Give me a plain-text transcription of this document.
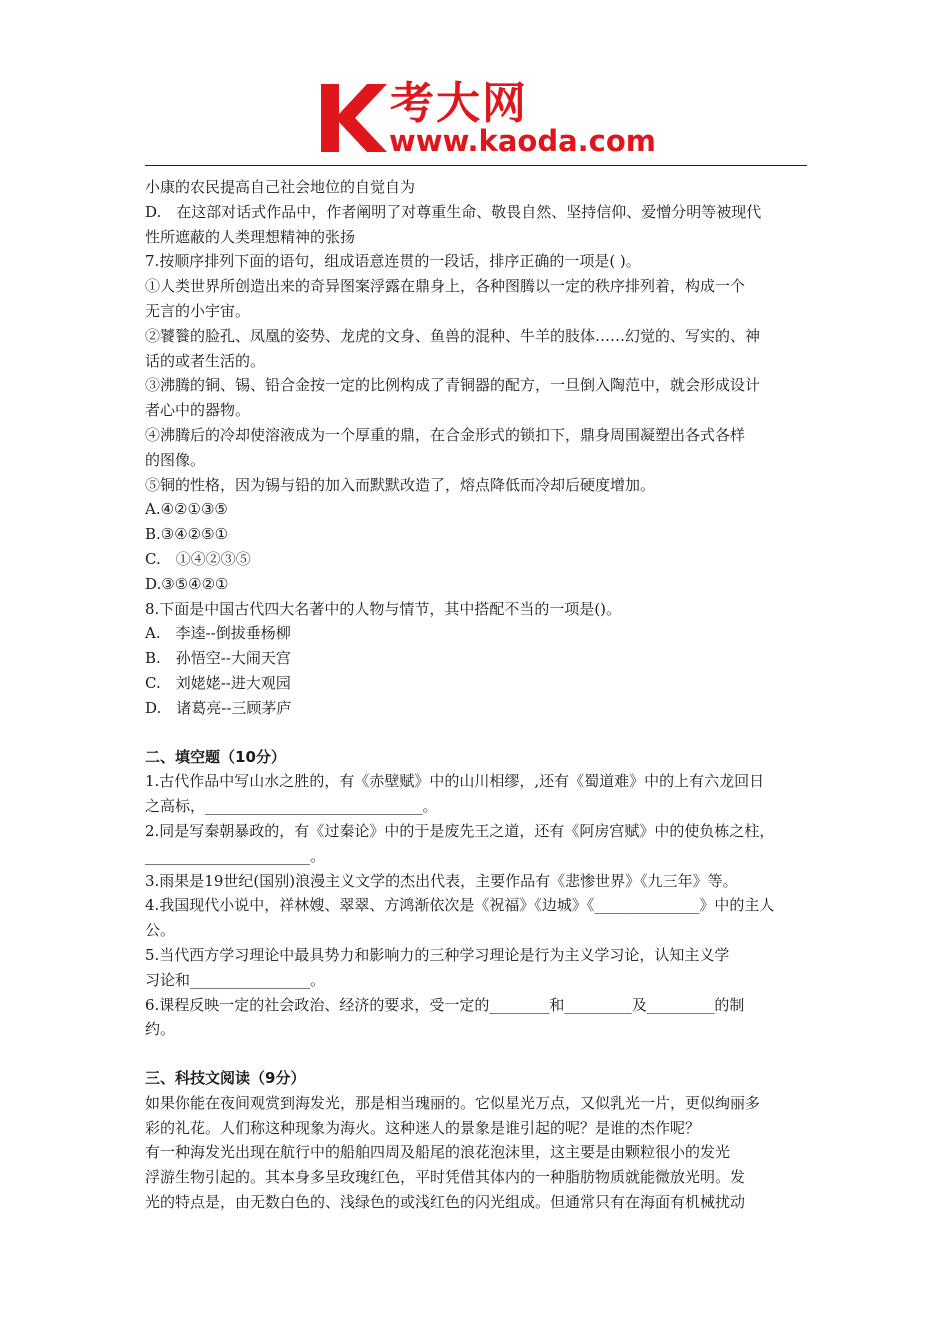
考大网
www.kaoda.com

小康的农民提高自己社会地位的自觉自为

D.　在这部对话式作品中，作者阐明了对尊重生命、敬畏自然、坚持信仰、爱憎分明等被现代

性所遮蔽的人类理想精神的张扬

7.按顺序排列下面的语句，组成语意连贯的一段话，排序正确的一项是( )。

①人类世界所创造出来的奇异图案浮露在鼎身上，各种图腾以一定的秩序排列着，构成一个

无言的小宇宙。

②饕餮的脸孔、凤凰的姿势、龙虎的文身、鱼兽的混种、牛羊的肢体……幻觉的、写实的、神

话的或者生活的。

③沸腾的铜、锡、铅合金按一定的比例构成了青铜器的配方，一旦倒入陶范中，就会形成设计

者心中的器物。

④沸腾后的冷却使溶液成为一个厚重的鼎，在合金形式的锁扣下，鼎身周围凝塑出各式各样

的图像。

⑤铜的性格，因为锡与铅的加入而默默改造了，熔点降低而冷却后硬度增加。

A.④②①③⑤

B.③④②⑤①

C.　①④②③⑤

D.③⑤④②①

8.下面是中国古代四大名著中的人物与情节，其中搭配不当的一项是()。

A.　李逵--倒拔垂杨柳

B.　孙悟空--大闹天宫

C.　刘姥姥--进大观园

D.　诸葛亮--三顾茅庐

二、填空题（10分）

1.古代作品中写山水之胜的，有《赤壁赋》中的山川相缪，,还有《蜀道难》中的上有六龙回日

之高标，_____________________________。

2.同是写秦朝暴政的，有《过秦论》中的于是废先王之道，还有《阿房宫赋》中的使负栋之柱，

______________________。

3.雨果是19世纪(国别)浪漫主义文学的杰出代表，主要作品有《悲惨世界》《九三年》等。

4.我国现代小说中，祥林嫂、翠翠、方鸿渐依次是《祝福》《边城》《______________》中的主人

公。

5.当代西方学习理论中最具势力和影响力的三种学习理论是行为主义学习论，认知主义学

习论和________________。

6.课程反映一定的社会政治、经济的要求，受一定的________和_________及_________的制

约。

三、科技文阅读（9分）

如果你能在夜间观赏到海发光，那是相当瑰丽的。它似星光万点，又似乳光一片，更似绚丽多

彩的礼花。人们称这种现象为海火。这种迷人的景象是谁引起的呢？是谁的杰作呢？

有一种海发光出现在航行中的船舶四周及船尾的浪花泡沫里，这主要是由颗粒很小的发光

浮游生物引起的。其本身多呈玫瑰红色，平时凭借其体内的一种脂肪物质就能微放光明。发

光的特点是，由无数白色的、浅绿色的或浅红色的闪光组成。但通常只有在海面有机械扰动
